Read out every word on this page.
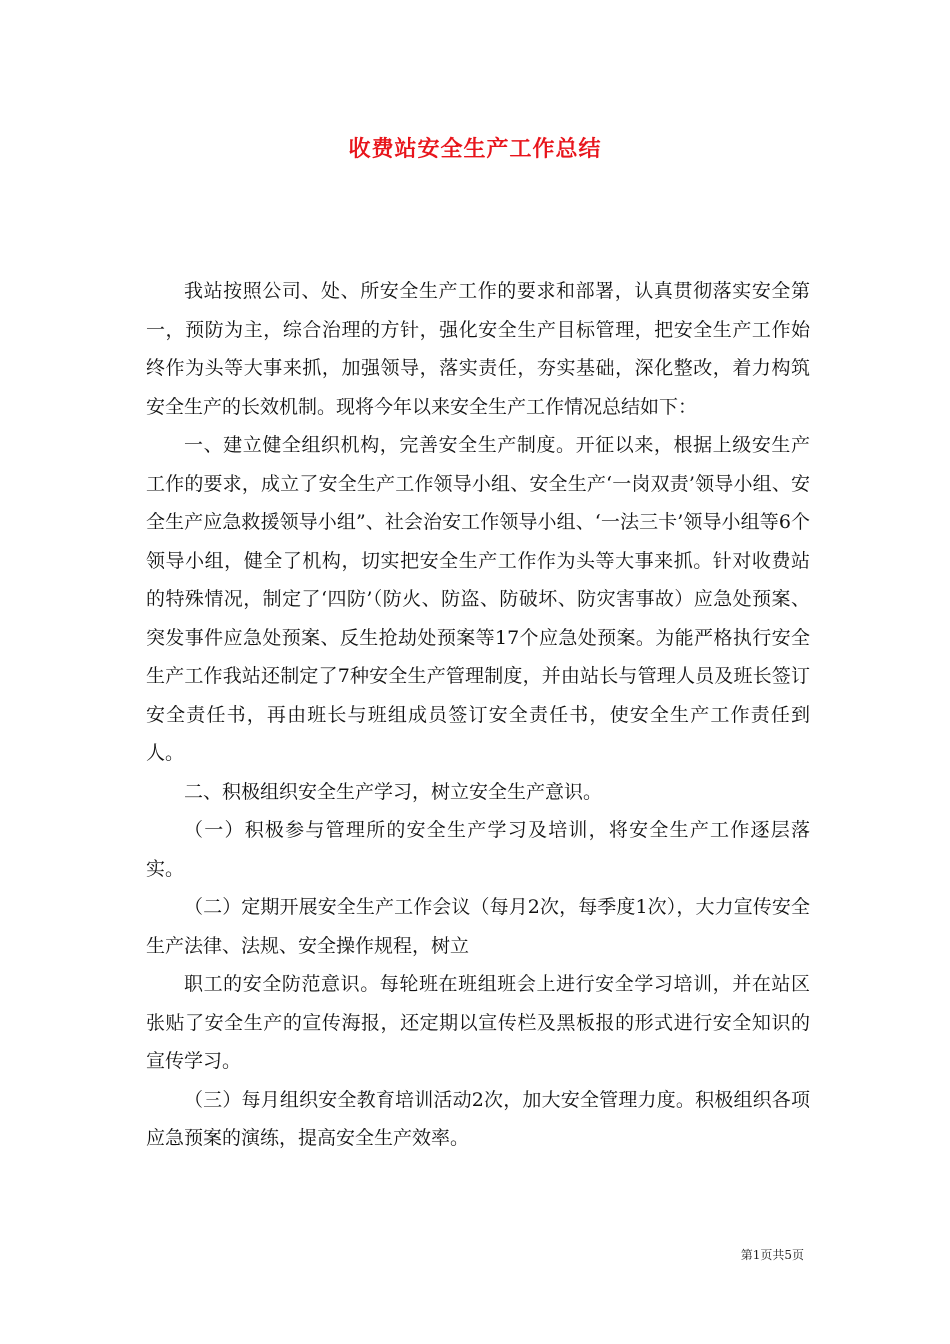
收费站安全生产工作总结

我站按照公司、处、所安全生产工作的要求和部署，认真贯彻落实安全第一，预防为主，综合治理的方针，强化安全生产目标管理，把安全生产工作始终作为头等大事来抓，加强领导，落实责任，夯实基础，深化整改，着力构筑安全生产的长效机制。现将今年以来安全生产工作情况总结如下：

一、建立健全组织机构，完善安全生产制度。开征以来，根据上级安生产工作的要求，成立了安全生产工作领导小组、安全生产‘一岗双责’领导小组、安全生产应急救援领导小组”、社会治安工作领导小组、‘一法三卡’领导小组等6个领导小组，健全了机构，切实把安全生产工作作为头等大事来抓。针对收费站的特殊情况，制定了‘四防’（防火、防盗、防破坏、防灾害事故）应急处预案、突发事件应急处预案、反生抢劫处预案等17个应急处预案。为能严格执行安全生产工作我站还制定了7种安全生产管理制度，并由站长与管理人员及班长签订安全责任书，再由班长与班组成员签订安全责任书，使安全生产工作责任到人。

二、积极组织安全生产学习，树立安全生产意识。

（一）积极参与管理所的安全生产学习及培训，将安全生产工作逐层落实。

（二）定期开展安全生产工作会议（每月2次，每季度1次），大力宣传安全生产法律、法规、安全操作规程，树立

职工的安全防范意识。每轮班在班组班会上进行安全学习培训，并在站区张贴了安全生产的宣传海报，还定期以宣传栏及黑板报的形式进行安全知识的宣传学习。

（三）每月组织安全教育培训活动2次，加大安全管理力度。积极组织各项应急预案的演练，提高安全生产效率。

第1页共5页
